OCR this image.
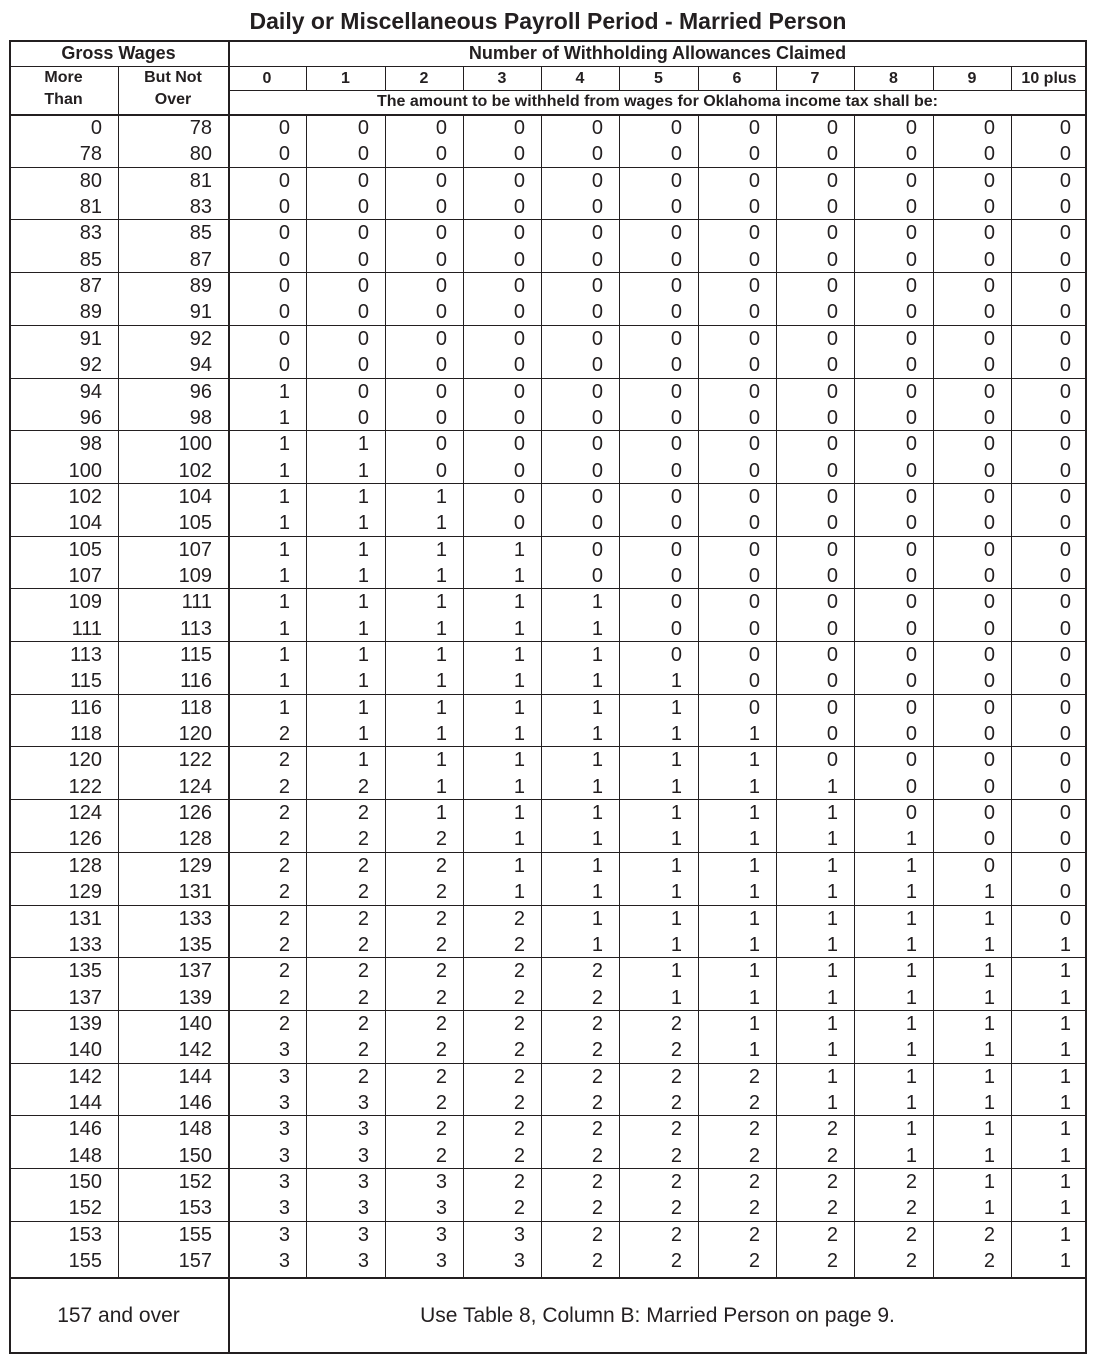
Daily or Miscellaneous Payroll Period - Married Person
Gross Wages	Number of Withholding Allowances Claimed
More
Than
But Not
Over
0	1	2	3	4	5	6	7	8	9	10 plus
The amount to be withheld from wages for Oklahoma income tax shall be:
0	78	0	0	0	0	0	0	0	0	0	0	0
78	80	0	0	0	0	0	0	0	0	0	0	0
80	81	0	0	0	0	0	0	0	0	0	0	0
81	83	0	0	0	0	0	0	0	0	0	0	0
83	85	0	0	0	0	0	0	0	0	0	0	0
85	87	0	0	0	0	0	0	0	0	0	0	0
87	89	0	0	0	0	0	0	0	0	0	0	0
89	91	0	0	0	0	0	0	0	0	0	0	0
91	92	0	0	0	0	0	0	0	0	0	0	0
92	94	0	0	0	0	0	0	0	0	0	0	0
94	96	1	0	0	0	0	0	0	0	0	0	0
96	98	1	0	0	0	0	0	0	0	0	0	0
98	100	1	1	0	0	0	0	0	0	0	0	0
100	102	1	1	0	0	0	0	0	0	0	0	0
102	104	1	1	1	0	0	0	0	0	0	0	0
104	105	1	1	1	0	0	0	0	0	0	0	0
105	107	1	1	1	1	0	0	0	0	0	0	0
107	109	1	1	1	1	0	0	0	0	0	0	0
109	111	1	1	1	1	1	0	0	0	0	0	0
111	113	1	1	1	1	1	0	0	0	0	0	0
113	115	1	1	1	1	1	0	0	0	0	0	0
115	116	1	1	1	1	1	1	0	0	0	0	0
116	118	1	1	1	1	1	1	0	0	0	0	0
118	120	2	1	1	1	1	1	1	0	0	0	0
120	122	2	1	1	1	1	1	1	0	0	0	0
122	124	2	2	1	1	1	1	1	1	0	0	0
124	126	2	2	1	1	1	1	1	1	0	0	0
126	128	2	2	2	1	1	1	1	1	1	0	0
128	129	2	2	2	1	1	1	1	1	1	0	0
129	131	2	2	2	1	1	1	1	1	1	1	0
131	133	2	2	2	2	1	1	1	1	1	1	0
133	135	2	2	2	2	1	1	1	1	1	1	1
135	137	2	2	2	2	2	1	1	1	1	1	1
137	139	2	2	2	2	2	1	1	1	1	1	1
139	140	2	2	2	2	2	2	1	1	1	1	1
140	142	3	2	2	2	2	2	1	1	1	1	1
142	144	3	2	2	2	2	2	2	1	1	1	1
144	146	3	3	2	2	2	2	2	1	1	1	1
146	148	3	3	2	2	2	2	2	2	1	1	1
148	150	3	3	2	2	2	2	2	2	1	1	1
150	152	3	3	3	2	2	2	2	2	2	1	1
152	153	3	3	3	2	2	2	2	2	2	1	1
153	155	3	3	3	3	2	2	2	2	2	2	1
155	157	3	3	3	3	2	2	2	2	2	2	1
157 and over	Use Table 8, Column B: Married Person on page 9.
